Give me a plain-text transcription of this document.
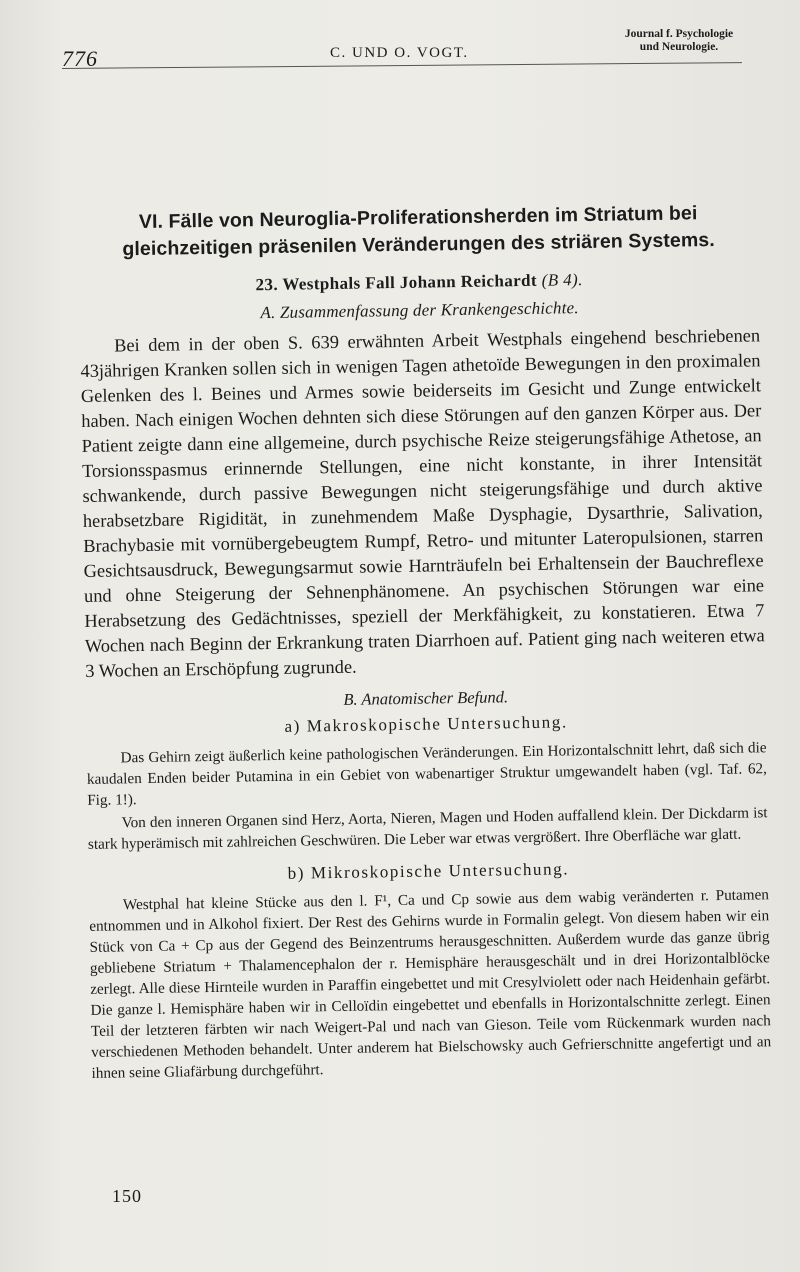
776	C. UND O. VOGT.
Journal f. Psychologie
und Neurologie.
VI. Fälle von Neuroglia-Proliferationsherden im Striatum bei gleichzeitigen präsenilen Veränderungen des striären Systems.
23. Westphals Fall Johann Reichardt (B 4).
A. Zusammenfassung der Krankengeschichte.

Bei dem in der oben S. 639 erwähnten Arbeit Westphals eingehend beschriebenen 43jährigen Kranken sollen sich in wenigen Tagen athetoïde Bewegungen in den proximalen Gelenken des l. Beines und Armes sowie beiderseits im Gesicht und Zunge entwickelt haben. Nach einigen Wochen dehnten sich diese Störungen auf den ganzen Körper aus. Der Patient zeigte dann eine allgemeine, durch psychische Reize steigerungsfähige Athetose, an Torsionsspasmus erinnernde Stellungen, eine nicht konstante, in ihrer Intensität schwankende, durch passive Bewegungen nicht steigerungsfähige und durch aktive herabsetzbare Rigidität, in zunehmendem Maße Dysphagie, Dysarthrie, Salivation, Brachybasie mit vornübergebeugtem Rumpf, Retro- und mitunter Lateropulsionen, starren Gesichtsausdruck, Bewegungsarmut sowie Harnträufeln bei Erhaltensein der Bauchreflexe und ohne Steigerung der Sehnenphänomene. An psychischen Störungen war eine Herabsetzung des Gedächtnisses, speziell der Merkfähigkeit, zu konstatieren. Etwa 7 Wochen nach Beginn der Erkrankung traten Diarrhoen auf. Patient ging nach weiteren etwa 3 Wochen an Erschöpfung zugrunde.

B. Anatomischer Befund.
a) Makroskopische Untersuchung.

Das Gehirn zeigt äußerlich keine pathologischen Veränderungen. Ein Horizontalschnitt lehrt, daß sich die kaudalen Enden beider Putamina in ein Gebiet von wabenartiger Struktur umgewandelt haben (vgl. Taf. 62, Fig. 1!).

Von den inneren Organen sind Herz, Aorta, Nieren, Magen und Hoden auffallend klein. Der Dickdarm ist stark hyperämisch mit zahlreichen Geschwüren. Die Leber war etwas vergrößert. Ihre Oberfläche war glatt.

b) Mikroskopische Untersuchung.

Westphal hat kleine Stücke aus den l. F¹, Ca und Cp sowie aus dem wabig veränderten r. Putamen entnommen und in Alkohol fixiert. Der Rest des Gehirns wurde in Formalin gelegt. Von diesem haben wir ein Stück von Ca + Cp aus der Gegend des Beinzentrums herausgeschnitten. Außerdem wurde das ganze übrig gebliebene Striatum + Thalamencephalon der r. Hemisphäre herausgeschält und in drei Horizontalblöcke zerlegt. Alle diese Hirnteile wurden in Paraffin eingebettet und mit Cresylviolett oder nach Heidenhain gefärbt. Die ganze l. Hemisphäre haben wir in Celloïdin eingebettet und ebenfalls in Horizontalschnitte zerlegt. Einen Teil der letzteren färbten wir nach Weigert-Pal und nach van Gieson. Teile vom Rückenmark wurden nach verschiedenen Methoden behandelt. Unter anderem hat Bielschowsky auch Gefrierschnitte angefertigt und an ihnen seine Gliafärbung durchgeführt.

150
